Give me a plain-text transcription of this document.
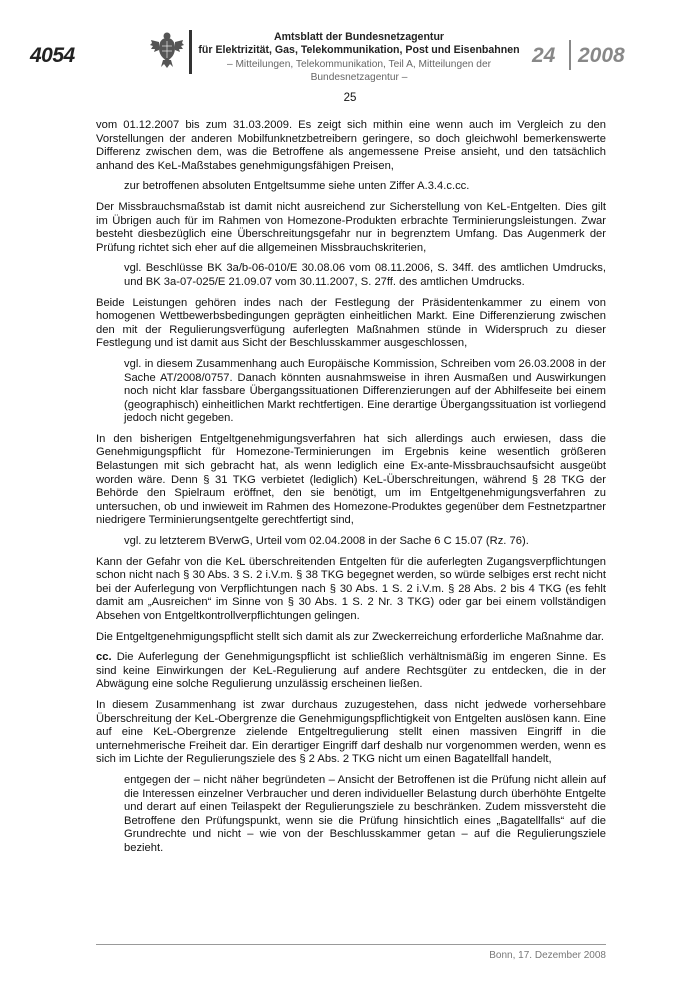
4054
Amtsblatt der Bundesnetzagentur
für Elektrizität, Gas, Telekommunikation, Post und Eisenbahnen
– Mitteilungen, Telekommunikation, Teil A, Mitteilungen der Bundesnetzagentur –
24 2008
25

vom 01.12.2007 bis zum 31.03.2009. Es zeigt sich mithin eine wenn auch im Vergleich zu den Vorstellungen der anderen Mobilfunknetzbetreibern geringere, so doch gleichwohl bemerkenswerte Differenz zwischen dem, was die Betroffene als angemessene Preise ansieht, und den tatsächlich anhand des KeL-Maßstabes genehmigungsfähigen Preisen,

zur betroffenen absoluten Entgeltsumme siehe unten Ziffer A.3.4.c.cc.

Der Missbrauchsmaßstab ist damit nicht ausreichend zur Sicherstellung von KeL-Entgelten. Dies gilt im Übrigen auch für im Rahmen von Homezone-Produkten erbrachte Terminierungsleistungen. Zwar besteht diesbezüglich eine Überschreitungsgefahr nur in begrenztem Umfang. Das Augenmerk der Prüfung richtet sich eher auf die allgemeinen Missbrauchskriterien,

vgl. Beschlüsse BK 3a/b-06-010/E 30.08.06 vom 08.11.2006, S. 34ff. des amtlichen Umdrucks, und BK 3a-07-025/E 21.09.07 vom 30.11.2007, S. 27ff. des amtlichen Umdrucks.

Beide Leistungen gehören indes nach der Festlegung der Präsidentenkammer zu einem von homogenen Wettbewerbsbedingungen geprägten einheitlichen Markt. Eine Differenzierung zwischen den mit der Regulierungsverfügung auferlegten Maßnahmen stünde in Widerspruch zu dieser Festlegung und ist damit aus Sicht der Beschlusskammer ausgeschlossen,

vgl. in diesem Zusammenhang auch Europäische Kommission, Schreiben vom 26.03.2008 in der Sache AT/2008/0757. Danach könnten ausnahmsweise in ihren Ausmaßen und Auswirkungen noch nicht klar fassbare Übergangssituationen Differenzierungen auf der Abhilfeseite bei einem (geographisch) einheitlichen Markt rechtfertigen. Eine derartige Übergangssituation ist vorliegend jedoch nicht gegeben.

In den bisherigen Entgeltgenehmigungsverfahren hat sich allerdings auch erwiesen, dass die Genehmigungspflicht für Homezone-Terminierungen im Ergebnis keine wesentlich größeren Belastungen mit sich gebracht hat, als wenn lediglich eine Ex-ante-Missbrauchsaufsicht ausgeübt worden wäre. Denn § 31 TKG verbietet (lediglich) KeL-Überschreitungen, während § 28 TKG der Behörde den Spielraum eröffnet, den sie benötigt, um im Entgeltgenehmigungsverfahren zu untersuchen, ob und inwieweit im Rahmen des Homezone-Produktes gegenüber dem Festnetzpartner niedrigere Terminierungsentgelte gerechtfertigt sind,

vgl. zu letzterem BVerwG, Urteil vom 02.04.2008 in der Sache 6 C 15.07 (Rz. 76).

Kann der Gefahr von die KeL überschreitenden Entgelten für die auferlegten Zugangsverpflichtungen schon nicht nach § 30 Abs. 3 S. 2 i.V.m. § 38 TKG begegnet werden, so würde selbiges erst recht nicht bei der Auferlegung von Verpflichtungen nach § 30 Abs. 1 S. 2 i.V.m. § 28 Abs. 2 bis 4 TKG (es fehlt damit am „Ausreichen“ im Sinne von § 30 Abs. 1 S. 2 Nr. 3 TKG) oder gar bei einem vollständigen Absehen von Entgeltkontrollverpflichtungen gelingen.

Die Entgeltgenehmigungspflicht stellt sich damit als zur Zweckerreichung erforderliche Maßnahme dar.

cc. Die Auferlegung der Genehmigungspflicht ist schließlich verhältnismäßig im engeren Sinne. Es sind keine Einwirkungen der KeL-Regulierung auf andere Rechtsgüter zu entdecken, die in der Abwägung eine solche Regulierung unzulässig erscheinen ließen.

In diesem Zusammenhang ist zwar durchaus zuzugestehen, dass nicht jedwede vorhersehbare Überschreitung der KeL-Obergrenze die Genehmigungspflichtigkeit von Entgelten auslösen kann. Eine auf eine KeL-Obergrenze zielende Entgeltregulierung stellt einen massiven Eingriff in die unternehmerische Freiheit dar. Ein derartiger Eingriff darf deshalb nur vorgenommen werden, wenn es sich im Lichte der Regulierungsziele des § 2 Abs. 2 TKG nicht um einen Bagatellfall handelt,

entgegen der – nicht näher begründeten – Ansicht der Betroffenen ist die Prüfung nicht allein auf die Interessen einzelner Verbraucher und deren individueller Belastung durch überhöhte Entgelte und derart auf einen Teilaspekt der Regulierungsziele zu beschränken. Zudem missversteht die Betroffene den Prüfungspunkt, wenn sie die Prüfung hinsichtlich eines „Bagatellfalls“ auf die Grundrechte und nicht – wie von der Beschlusskammer getan – auf die Regulierungsziele bezieht.

Bonn, 17. Dezember 2008
